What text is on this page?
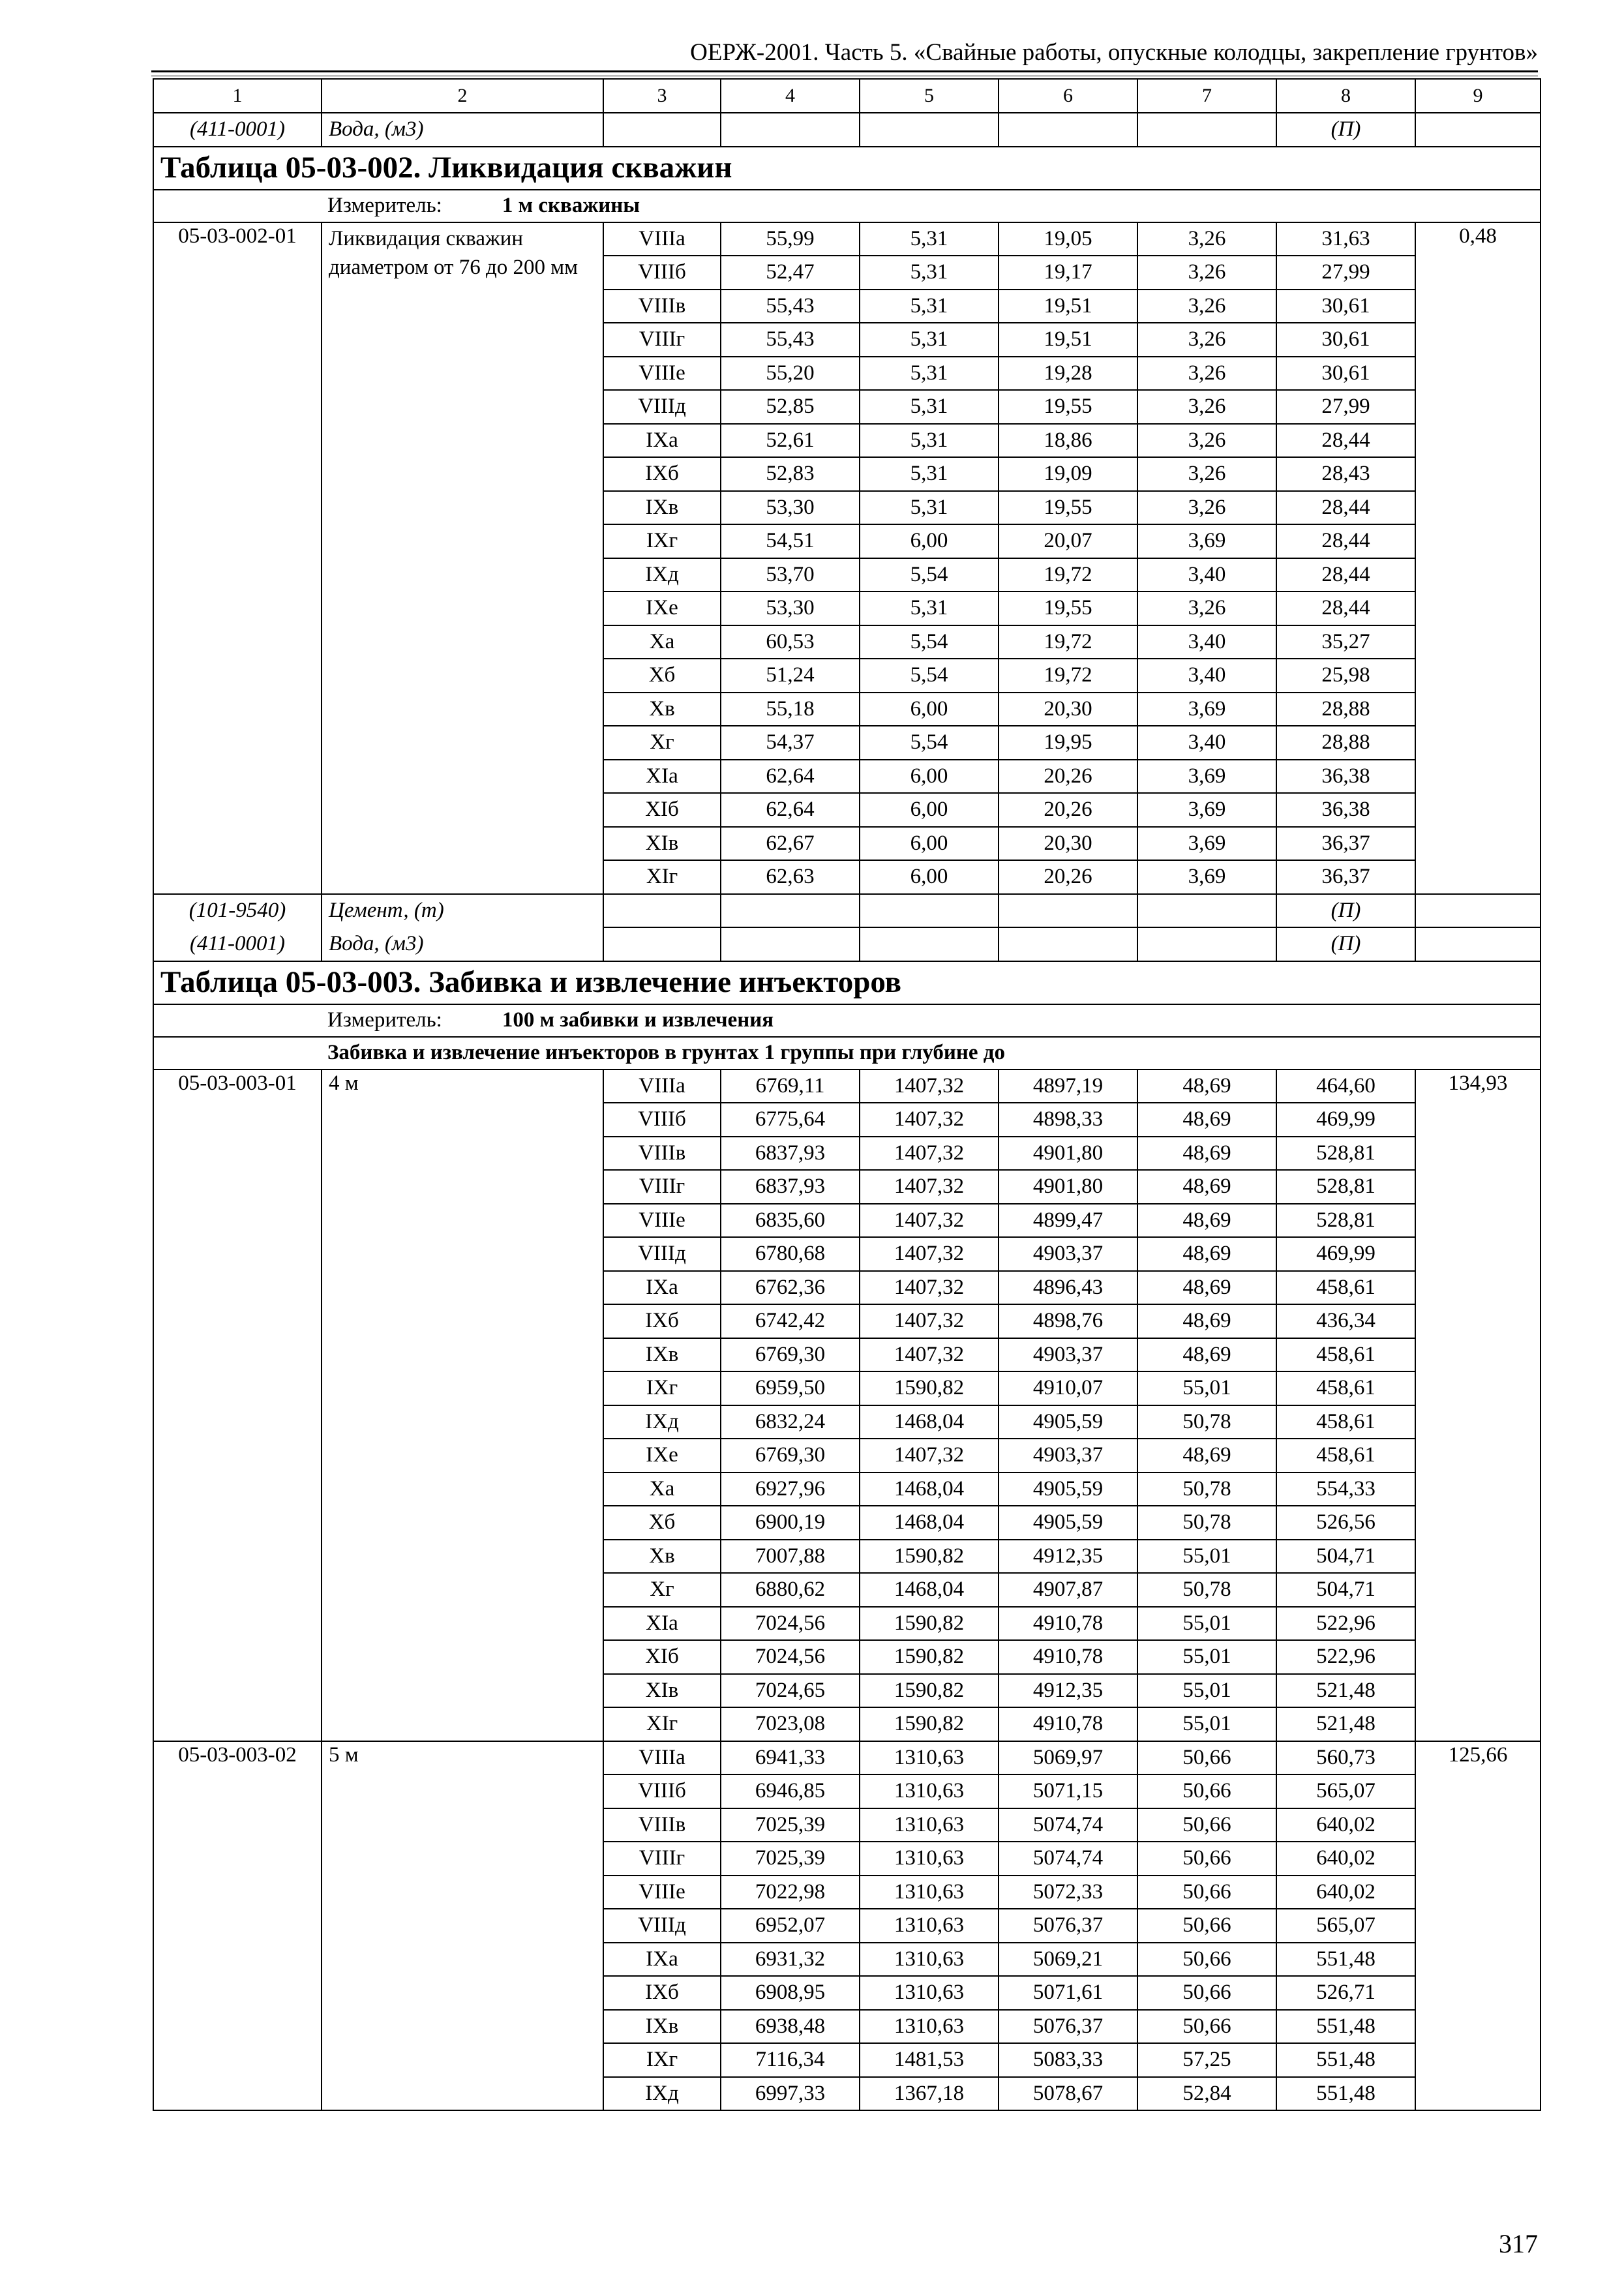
ОЕРЖ-2001. Часть 5. «Свайные работы, опускные колодцы, закрепление грунтов»
1	2	3	4	5	6	7	8	9
(411-0001)	Вода, (м3)						(П)	
Таблица 05-03-002. Ликвидация скважин								
Измеритель: 1 м скважины								
05-03-002-01	Ликвидация скважин диаметром от 76 до 200 мм	VIIIа	55,99	5,31	19,05	3,26	31,63	0,48
		VIIIб	52,47	5,31	19,17	3,26	27,99	
		VIIIв	55,43	5,31	19,51	3,26	30,61	
		VIIIг	55,43	5,31	19,51	3,26	30,61	
		VIIIе	55,20	5,31	19,28	3,26	30,61	
		VIIIд	52,85	5,31	19,55	3,26	27,99	
		IXа	52,61	5,31	18,86	3,26	28,44	
		IXб	52,83	5,31	19,09	3,26	28,43	
		IXв	53,30	5,31	19,55	3,26	28,44	
		IXг	54,51	6,00	20,07	3,69	28,44	
		IXд	53,70	5,54	19,72	3,40	28,44	
		IXе	53,30	5,31	19,55	3,26	28,44	
		Xа	60,53	5,54	19,72	3,40	35,27	
		Xб	51,24	5,54	19,72	3,40	25,98	
		Xв	55,18	6,00	20,30	3,69	28,88	
		Xг	54,37	5,54	19,95	3,40	28,88	
		XIа	62,64	6,00	20,26	3,69	36,38	
		XIб	62,64	6,00	20,26	3,69	36,38	
		XIв	62,67	6,00	20,30	3,69	36,37	
		XIг	62,63	6,00	20,26	3,69	36,37	
(101-9540)	Цемент, (т)						(П)	
(411-0001)	Вода, (м3)						(П)	
Таблица 05-03-003. Забивка и извлечение инъекторов								
Измеритель: 100 м забивки и извлечения								
Забивка и извлечение инъекторов в грунтах 1 группы при глубине до								
05-03-003-01	4 м	VIIIа	6769,11	1407,32	4897,19	48,69	464,60	134,93
		VIIIб	6775,64	1407,32	4898,33	48,69	469,99	
		VIIIв	6837,93	1407,32	4901,80	48,69	528,81	
		VIIIг	6837,93	1407,32	4901,80	48,69	528,81	
		VIIIе	6835,60	1407,32	4899,47	48,69	528,81	
		VIIIд	6780,68	1407,32	4903,37	48,69	469,99	
		IXа	6762,36	1407,32	4896,43	48,69	458,61	
		IXб	6742,42	1407,32	4898,76	48,69	436,34	
		IXв	6769,30	1407,32	4903,37	48,69	458,61	
		IXг	6959,50	1590,82	4910,07	55,01	458,61	
		IXд	6832,24	1468,04	4905,59	50,78	458,61	
		IXе	6769,30	1407,32	4903,37	48,69	458,61	
		Xа	6927,96	1468,04	4905,59	50,78	554,33	
		Xб	6900,19	1468,04	4905,59	50,78	526,56	
		Xв	7007,88	1590,82	4912,35	55,01	504,71	
		Xг	6880,62	1468,04	4907,87	50,78	504,71	
		XIа	7024,56	1590,82	4910,78	55,01	522,96	
		XIб	7024,56	1590,82	4910,78	55,01	522,96	
		XIв	7024,65	1590,82	4912,35	55,01	521,48	
		XIг	7023,08	1590,82	4910,78	55,01	521,48	
05-03-003-02	5 м	VIIIа	6941,33	1310,63	5069,97	50,66	560,73	125,66
		VIIIб	6946,85	1310,63	5071,15	50,66	565,07	
		VIIIв	7025,39	1310,63	5074,74	50,66	640,02	
		VIIIг	7025,39	1310,63	5074,74	50,66	640,02	
		VIIIе	7022,98	1310,63	5072,33	50,66	640,02	
		VIIIд	6952,07	1310,63	5076,37	50,66	565,07	
		IXа	6931,32	1310,63	5069,21	50,66	551,48	
		IXб	6908,95	1310,63	5071,61	50,66	526,71	
		IXв	6938,48	1310,63	5076,37	50,66	551,48	
		IXг	7116,34	1481,53	5083,33	57,25	551,48	
		IXд	6997,33	1367,18	5078,67	52,84	551,48	
317
